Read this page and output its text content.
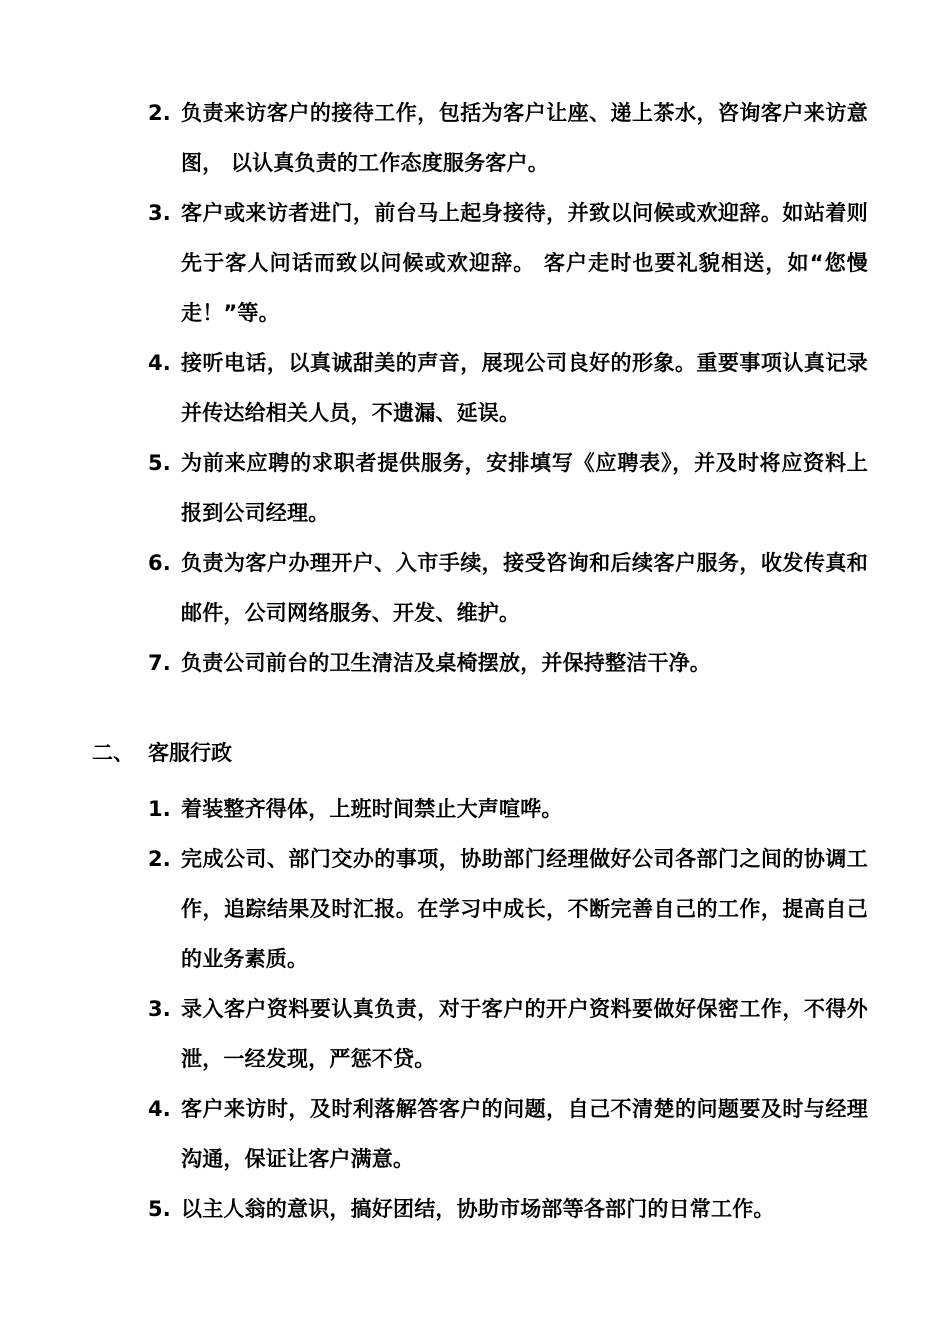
2. 负责来访客户的接待工作，包括为客户让座、递上茶水，咨询客户来访意图， 以认真负责的工作态度服务客户。
3. 客户或来访者进门，前台马上起身接待，并致以问候或欢迎辞。如站着则先于客人问话而致以问候或欢迎辞。 客户走时也要礼貌相送，如“您慢走！”等。
4. 接听电话，以真诚甜美的声音，展现公司良好的形象。重要事项认真记录并传达给相关人员，不遗漏、延误。
5. 为前来应聘的求职者提供服务，安排填写《应聘表》，并及时将应资料上报到公司经理。
6. 负责为客户办理开户、入市手续，接受咨询和后续客户服务，收发传真和邮件，公司网络服务、开发、维护。
7. 负责公司前台的卫生清洁及桌椅摆放，并保持整洁干净。
二、 客服行政
1. 着装整齐得体，上班时间禁止大声喧哗。
2. 完成公司、部门交办的事项，协助部门经理做好公司各部门之间的协调工作，追踪结果及时汇报。在学习中成长，不断完善自己的工作，提高自己的业务素质。
3. 录入客户资料要认真负责，对于客户的开户资料要做好保密工作，不得外泄，一经发现，严惩不贷。
4. 客户来访时，及时利落解答客户的问题，自己不清楚的问题要及时与经理沟通，保证让客户满意。
5. 以主人翁的意识，搞好团结，协助市场部等各部门的日常工作。
